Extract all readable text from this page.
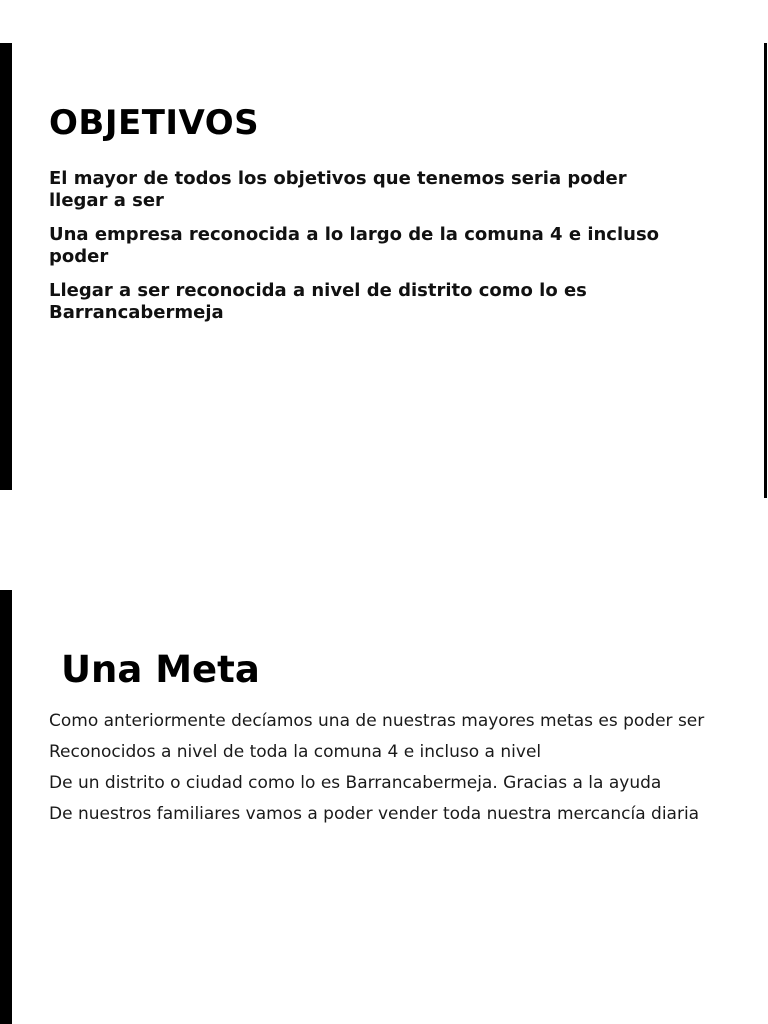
OBJETIVOS
El mayor de todos los objetivos que tenemos seria poder llegar a ser
Una empresa reconocida a lo largo de la comuna 4 e incluso poder
Llegar a ser reconocida a nivel de distrito como lo es Barrancabermeja
Una Meta
Como anteriormente decíamos una de nuestras mayores metas es poder ser
Reconocidos a nivel de toda la comuna 4 e incluso a nivel
De un distrito o ciudad como lo es Barrancabermeja. Gracias a la ayuda
De nuestros familiares vamos a poder vender toda nuestra mercancía diaria
